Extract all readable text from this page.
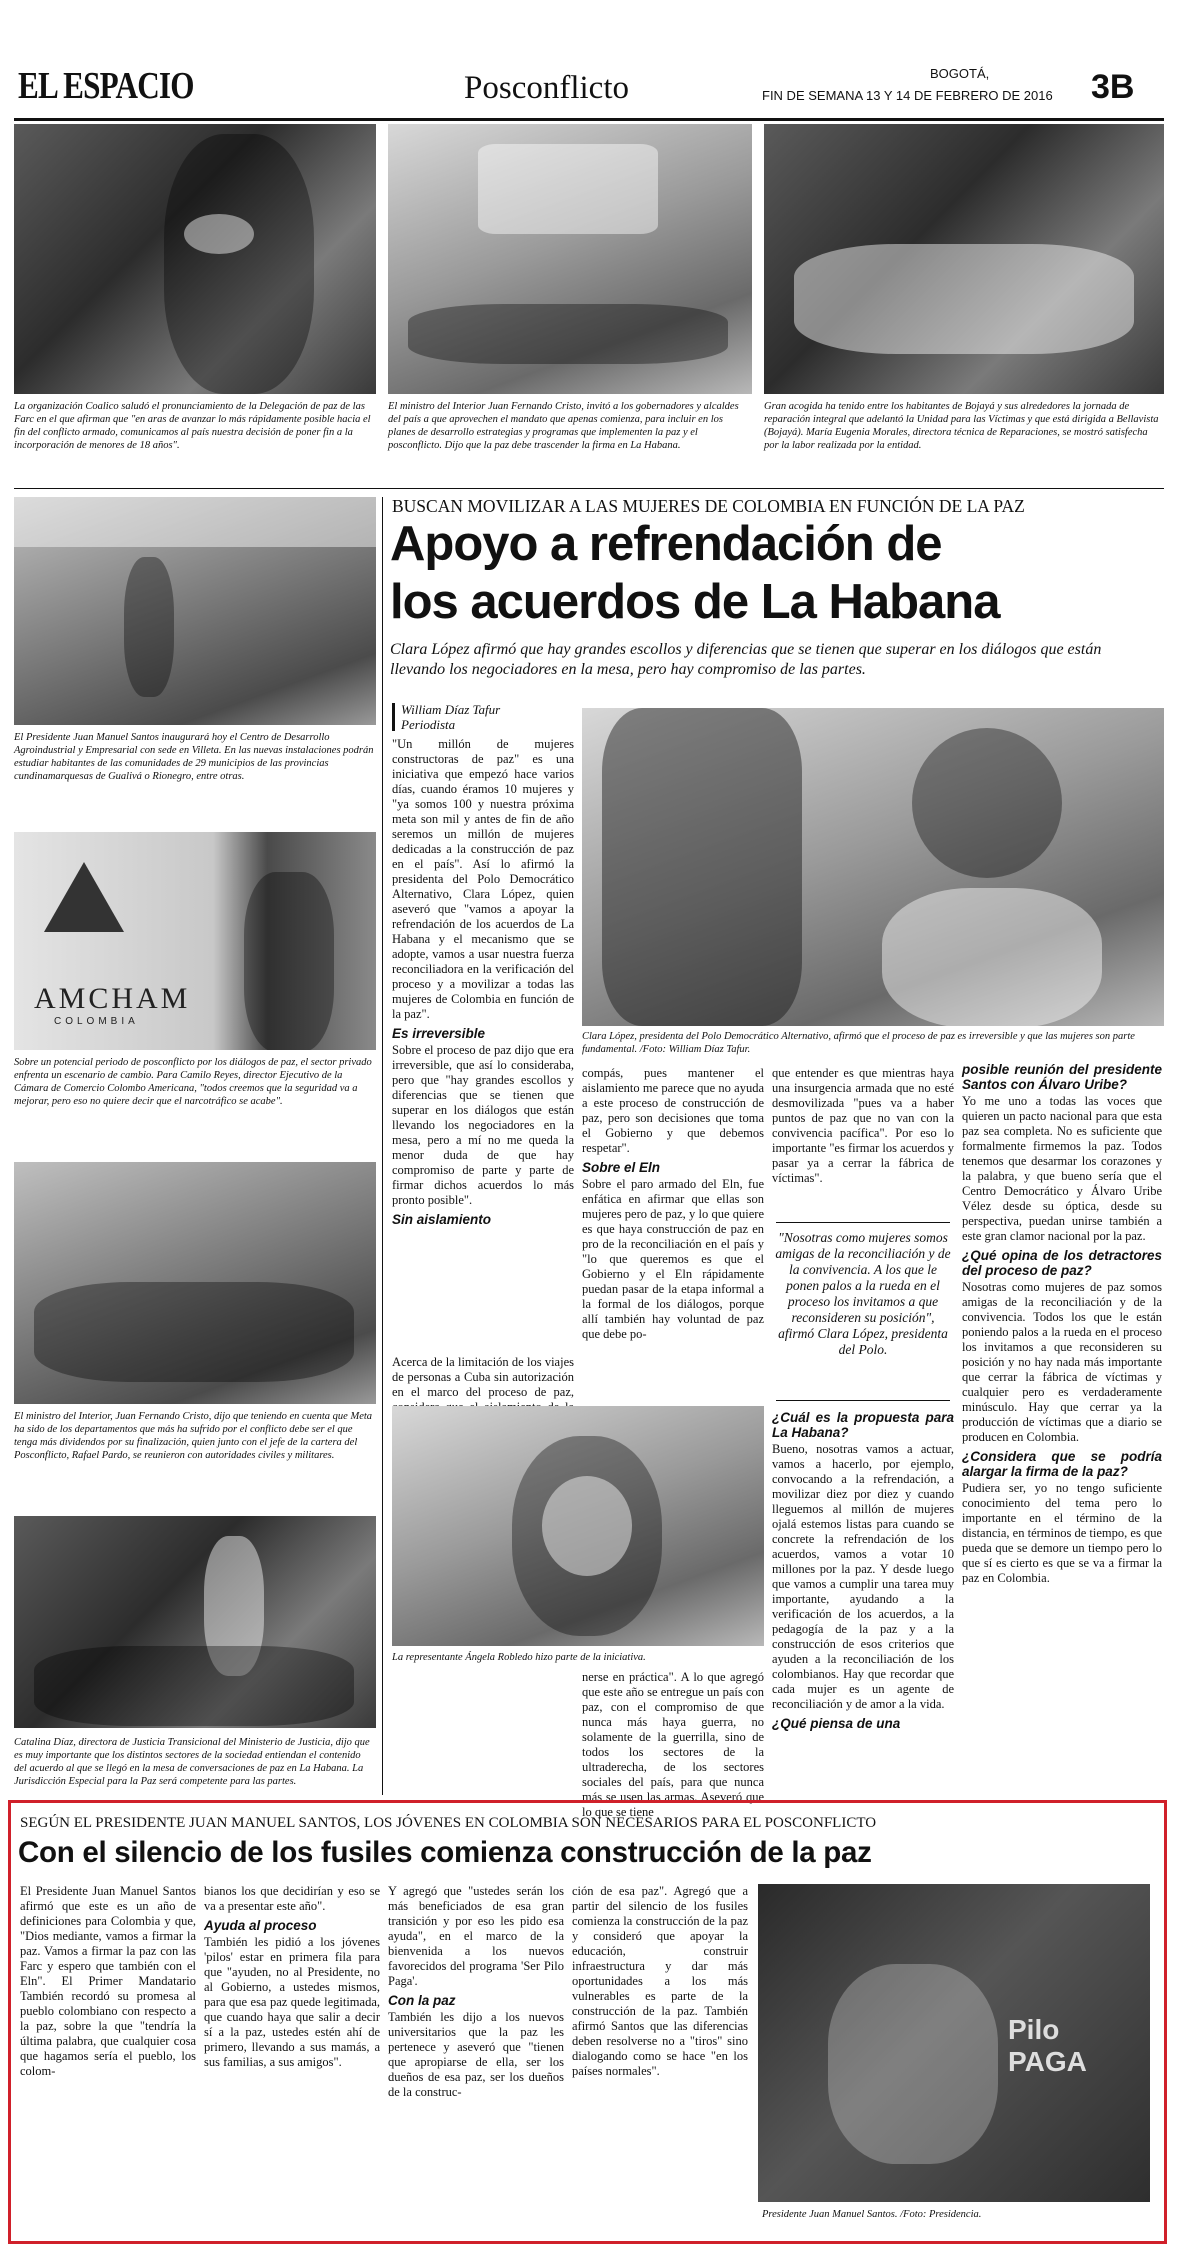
EL ESPACIO	Posconflicto	BOGOTÁ,
FIN DE SEMANA 13 Y 14 DE FEBRERO DE 2016 3B
La organización Coalico saludó el pronunciamiento de la Delegación de paz de las Farc en el que afirman que "en aras de avanzar lo más rápidamente posible hacia el fin del conflicto armado, comunicamos al país nuestra decisión de poner fin a la incorporación de menores de 18 años".
El ministro del Interior Juan Fernando Cristo, invitó a los gobernadores y alcaldes del país a que aprovechen el mandato que apenas comienza, para incluir en los planes de desarrollo estrategias y programas que implementen la paz y el posconflicto. Dijo que la paz debe trascender la firma en La Habana.
Gran acogida ha tenido entre los habitantes de Bojayá y sus alrededores la jornada de reparación integral que adelantó la Unidad para las Víctimas y que está dirigida a Bellavista (Bojayá). María Eugenia Morales, directora técnica de Reparaciones, se mostró satisfecha por la labor realizada por la entidad.
El Presidente Juan Manuel Santos inaugurará hoy el Centro de Desarrollo Agroindustrial y Empresarial con sede en Villeta. En las nuevas instalaciones podrán estudiar habitantes de las comunidades de 29 municipios de las provincias cundinamarquesas de Gualivá o Rionegro, entre otras.
AMCHAM
COLOMBIA
Sobre un potencial periodo de posconflicto por los diálogos de paz, el sector privado enfrenta un escenario de cambio. Para Camilo Reyes, director Ejecutivo de la Cámara de Comercio Colombo Americana, "todos creemos que la seguridad va a mejorar, pero eso no quiere decir que el narcotráfico se acabe".
El ministro del Interior, Juan Fernando Cristo, dijo que teniendo en cuenta que Meta ha sido de los departamentos que más ha sufrido por el conflicto debe ser el que tenga más dividendos por su finalización, quien junto con el jefe de la cartera del Posconflicto, Rafael Pardo, se reunieron con autoridades civiles y militares.
Catalina Díaz, directora de Justicia Transicional del Ministerio de Justicia, dijo que es muy importante que los distintos sectores de la sociedad entiendan el contenido del acuerdo al que se llegó en la mesa de conversaciones de paz en La Habana. La Jurisdicción Especial para la Paz será competente para las partes.
BUSCAN MOVILIZAR A LAS MUJERES DE COLOMBIA EN FUNCIÓN DE LA PAZ
Apoyo a refrendación de
los acuerdos de La Habana
Clara López afirmó que hay grandes escollos y diferencias que se tienen que superar en los diálogos que están llevando los negociadores en la mesa, pero hay compromiso de las partes.
William Díaz Tafur
Periodista

"Un millón de mujeres constructoras de paz" es una iniciativa que empezó hace varios días, cuando éramos 10 mujeres y "ya somos 100 y nuestra próxima meta son mil y antes de fin de año seremos un millón de mujeres dedicadas a la construcción de paz en el país". Así lo afirmó la presidenta del Polo Democrático Alternativo, Clara López, quien aseveró que "vamos a apoyar la refrendación de los acuerdos de La Habana y el mecanismo que se adopte, vamos a usar nuestra fuerza reconciliadora en la verificación del proceso y a movilizar a todas las mujeres de Colombia en función de la paz".

Es irreversible

Sobre el proceso de paz dijo que era irreversible, que así lo considerabа, pero que "hay grandes escollos y diferencias que se tienen que superar en los diálogos que están llevando los negociadores en la mesa, pero a mí no me queda la menor duda de que hay compromiso de parte y parte de firmar dichos acuerdos lo más pronto posible".

Sin aislamiento

Acerca de la limitación de los viajes de personas a Cuba sin autorización en el marco del proceso de paz,

Clara López, presidenta del Polo Democrático Alternativo, afirmó que el proceso de paz es irreversible y que las mujeres son parte fundamental. /Foto: William Díaz Tafur.

compás, pues mantener el aislamiento me parece que no ayuda a este proceso de construcción de paz, pero son decisiones que toma el Gobierno y que debemos respetar".

Sobre el Eln

Sobre el paro armado del Eln, fue enfática en afirmar que ellas son mujeres pero de paz, y lo que quiere es que haya construcción de paz en pro de la reconciliación en el país y "lo que queremos es que el Gobierno y el Eln rápidamente puedan pasar de la etapa informal a la formal de los diálogos, porque allí también hay voluntad de paz que debe po-

que entender es que mientras haya una insurgencia armada que no esté desmovilizada "pues va a haber puntos de paz que no van con la convivencia pacífica". Por eso lo importante "es firmar los acuerdos y pasar ya a cerrar la fábrica de víctimas".

"Nosotras como mujeres somos amigas de la reconciliación y de la convivencia. A los que le ponen palos a la rueda en el proceso los invitamos a que reconsideren su posición", afirmó Clara López, presidenta del Polo.
¿Cuál es la propuesta para La Habana?

Bueno, nosotras vamos a actuar, vamos a hacerlo, por ejemplo, convocando a la refrendación, a movilizar diez por diez y cuando lleguemos al millón de mujeres ojalá estemos listas para cuando se concrete la refrendación de los acuerdos, vamos a votar 10 millones por la paz. Y desde luego que vamos a cumplir una tarea muy importante, ayudando a la verificación de los acuerdos, a la pedagogía de la paz y a la construcción de esos criterios que ayuden a la reconciliación de los colombianos. Hay que recordar que cada mujer es un agente de reconciliación y de amor a la vida.

¿Qué piensa de una
posible reunión del presidente Santos con Álvaro Uribe?

Yo me uno a todas las voces que quieren un pacto nacional para que esta paz sea completa. No es suficiente que formalmente firmemos la paz. Todos tenemos que desarmar los corazones y la palabra, y que bueno sería que el Centro Democrático y Álvaro Uribe Vélez desde su óptica, desde su perspectiva, puedan unirse también a este gran clamor nacional por la paz.

¿Qué opina de los detractores del proceso de paz?

Nosotras como mujeres de paz somos amigas de la reconciliación y de la convivencia. Todos los que le están poniendo palos a la rueda en el proceso los invitamos a que reconsideren su posición y no hay nada más importante que cerrar la fábrica de víctimas y cualquier pero es verdaderamente minúsculo. Hay que cerrar ya la producción de víctimas que a diario se producen en Colombia.

¿Considera que se podría alargar la firma de la paz?

Pudiera ser, yo no tengo suficiente conocimiento del tema pero lo importante en el término de la distancia, en términos de tiempo, es que pueda que se demore un tiempo pero lo que sí es cierto es que se va a firmar la paz en Colombia.

La representante Ángela Robledo hizo parte de la iniciativa.

nerse en práctica". A lo que agregó que este año se entregue un país con paz, con el compromiso de que nunca más haya guerra, no solamente de la guerrilla, sino de todos los sectores de la ultraderecha, de los sectores sociales del país, para que nunca más se usen las armas. Aseveró que lo que se tiene

SEGÚN EL PRESIDENTE JUAN MANUEL SANTOS, LOS JÓVENES EN COLOMBIA SON NECESARIOS PARA EL POSCONFLICTO
Con el silencio de los fusiles comienza construcción de la paz

El Presidente Juan Manuel Santos afirmó que este es un año de definiciones para Colombia y que, "Dios mediante, vamos a firmar la paz. Vamos a firmar la paz con las Farc y espero que también con el Eln". El Primer Mandatario También recordó su promesa al pueblo colombiano con respecto a la paz, sobre la que "tendría la última palabra, que cualquier cosa que hagamos sería el pueblo, los colom-

bianos los que decidirían y eso se va a presentar este año".

Ayuda al proceso

También les pidió a los jóvenes 'pilos' estar en primera fila para que "ayuden, no al Presidente, no al Gobierno, a ustedes mismos, para que esa paz quede legitimada, que cuando haya que salir a decir sí a la paz, ustedes estén ahí de primero, llevando a sus mamás, a sus familias, a sus amigos".

Y agregó que "ustedes serán los más beneficiados de esa gran transición y por eso les pido esa ayuda", en el marco de la bienvenida a los nuevos favorecidos del programa 'Ser Pilo Paga'.

Con la paz

También les dijo a los nuevos universitarios que la paz les pertenece y aseveró que "tienen que apropiarse de ella, ser los dueños de esa paz, ser los dueños de la construc-

ción de esa paz". Agregó que a partir del silencio de los fusiles comienza la construcción de la paz y consideró que apoyar la educación, construir infraestructura y dar más oportunidades a los más vulnerables es parte de la construcción de la paz. También afirmó Santos que las diferencias deben resolverse no a "tiros" sino dialogando como se hace "en los países normales".

Pilo PAGA
Presidente Juan Manuel Santos. /Foto: Presidencia.
